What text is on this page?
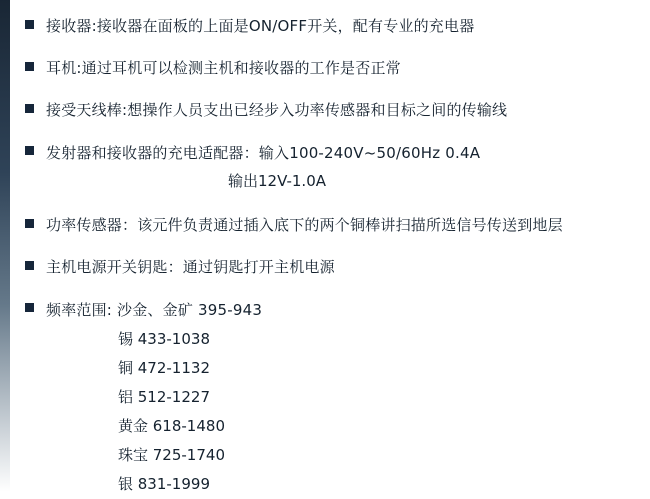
接收器:接收器在面板的上面是ON/OFF开关，配有专业的充电器
耳机:通过耳机可以检测主机和接收器的工作是否正常
接受天线棒:想操作人员支出已经步入功率传感器和目标之间的传输线
发射器和接收器的充电适配器：输入100-240V~50/60Hz 0.4A
输出12V-1.0A
功率传感器：该元件负责通过插入底下的两个铜棒讲扫描所选信号传送到地层
主机电源开关钥匙：通过钥匙打开主机电源
频率范围: 沙金、金矿 395-943
锡 433-1038
铜 472-1132
铝 512-1227
黄金 618-1480
珠宝 725-1740
银 831-1999
